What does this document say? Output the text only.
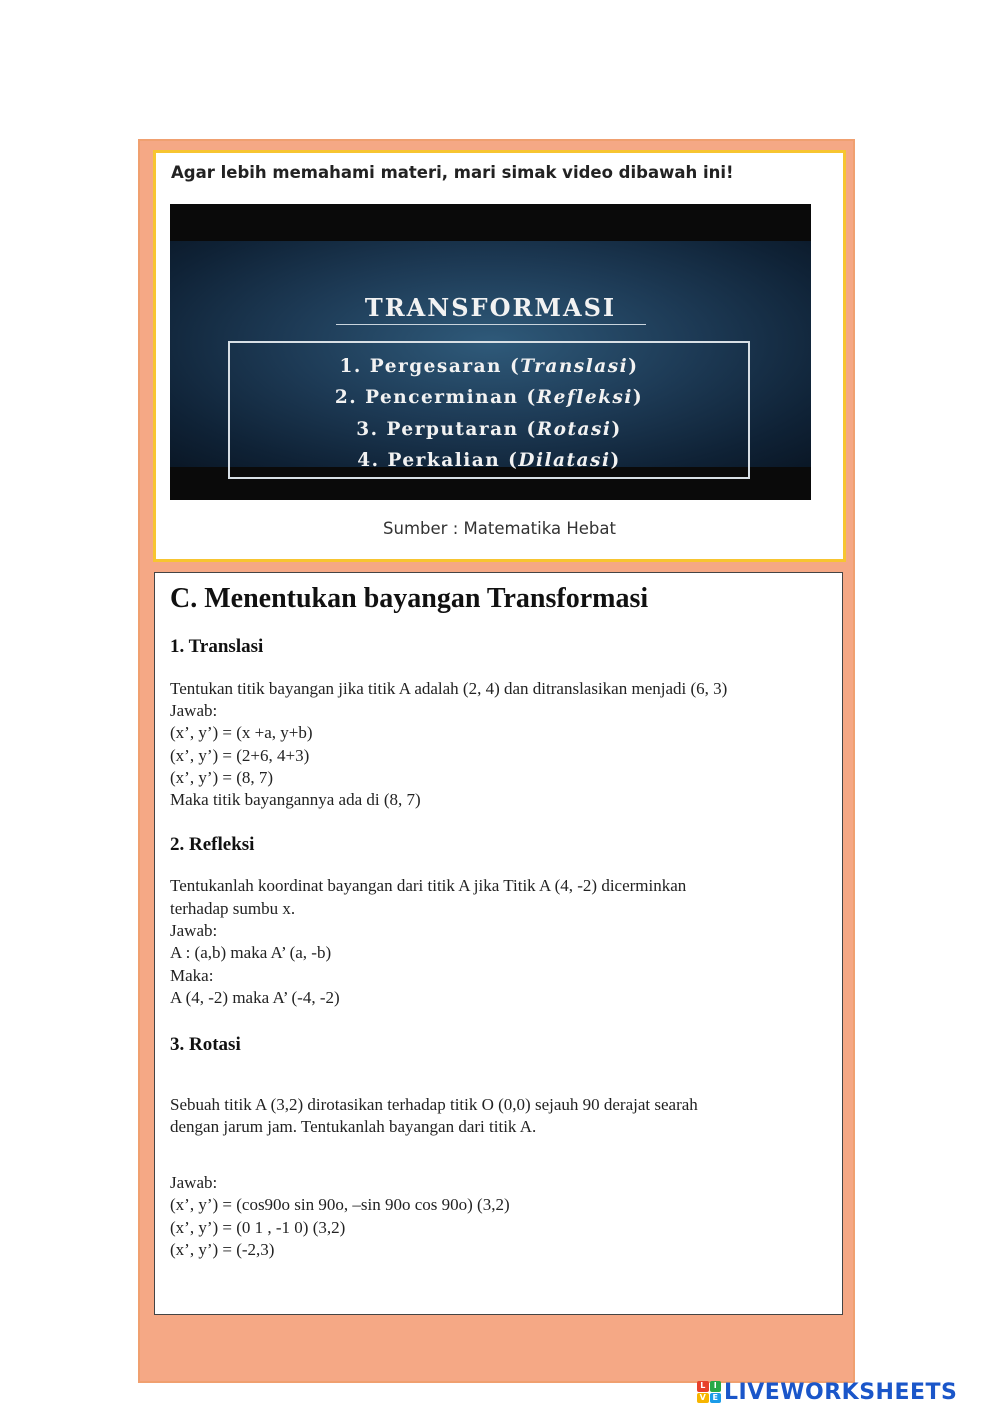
Agar lebih memahami materi, mari simak video dibawah ini!

TRANSFORMASI
1. Pergesaran (Translasi)
2. Pencerminan (Refleksi)
3. Perputaran (Rotasi)
4. Perkalian (Dilatasi)

Sumber : Matematika Hebat

C. Menentukan bayangan Transformasi
1. Translasi

Tentukan titik bayangan jika titik A adalah (2, 4) dan ditranslasikan menjadi (6, 3)

Jawab:

(x’, y’) = (x +a, y+b)

(x’, y’) = (2+6, 4+3)

(x’, y’) = (8, 7)

Maka titik bayangannya ada di (8, 7)

2. Refleksi

Tentukanlah koordinat bayangan dari titik A jika Titik A (4, -2) dicerminkan

terhadap sumbu x.

Jawab:

A : (a,b) maka A’ (a, -b)

Maka:

A (4, -2) maka A’ (-4, -2)

3. Rotasi

Sebuah titik A (3,2) dirotasikan terhadap titik O (0,0) sejauh 90 derajat searah

dengan jarum jam. Tentukanlah bayangan dari titik A.

Jawab:

(x’, y’) = (cos90o sin 90o, –sin 90o cos 90o) (3,2)

(x’, y’) = (0 1 , -1 0) (3,2)

(x’, y’) = (-2,3)

L	I
V E LIVEWORKSHEETS
